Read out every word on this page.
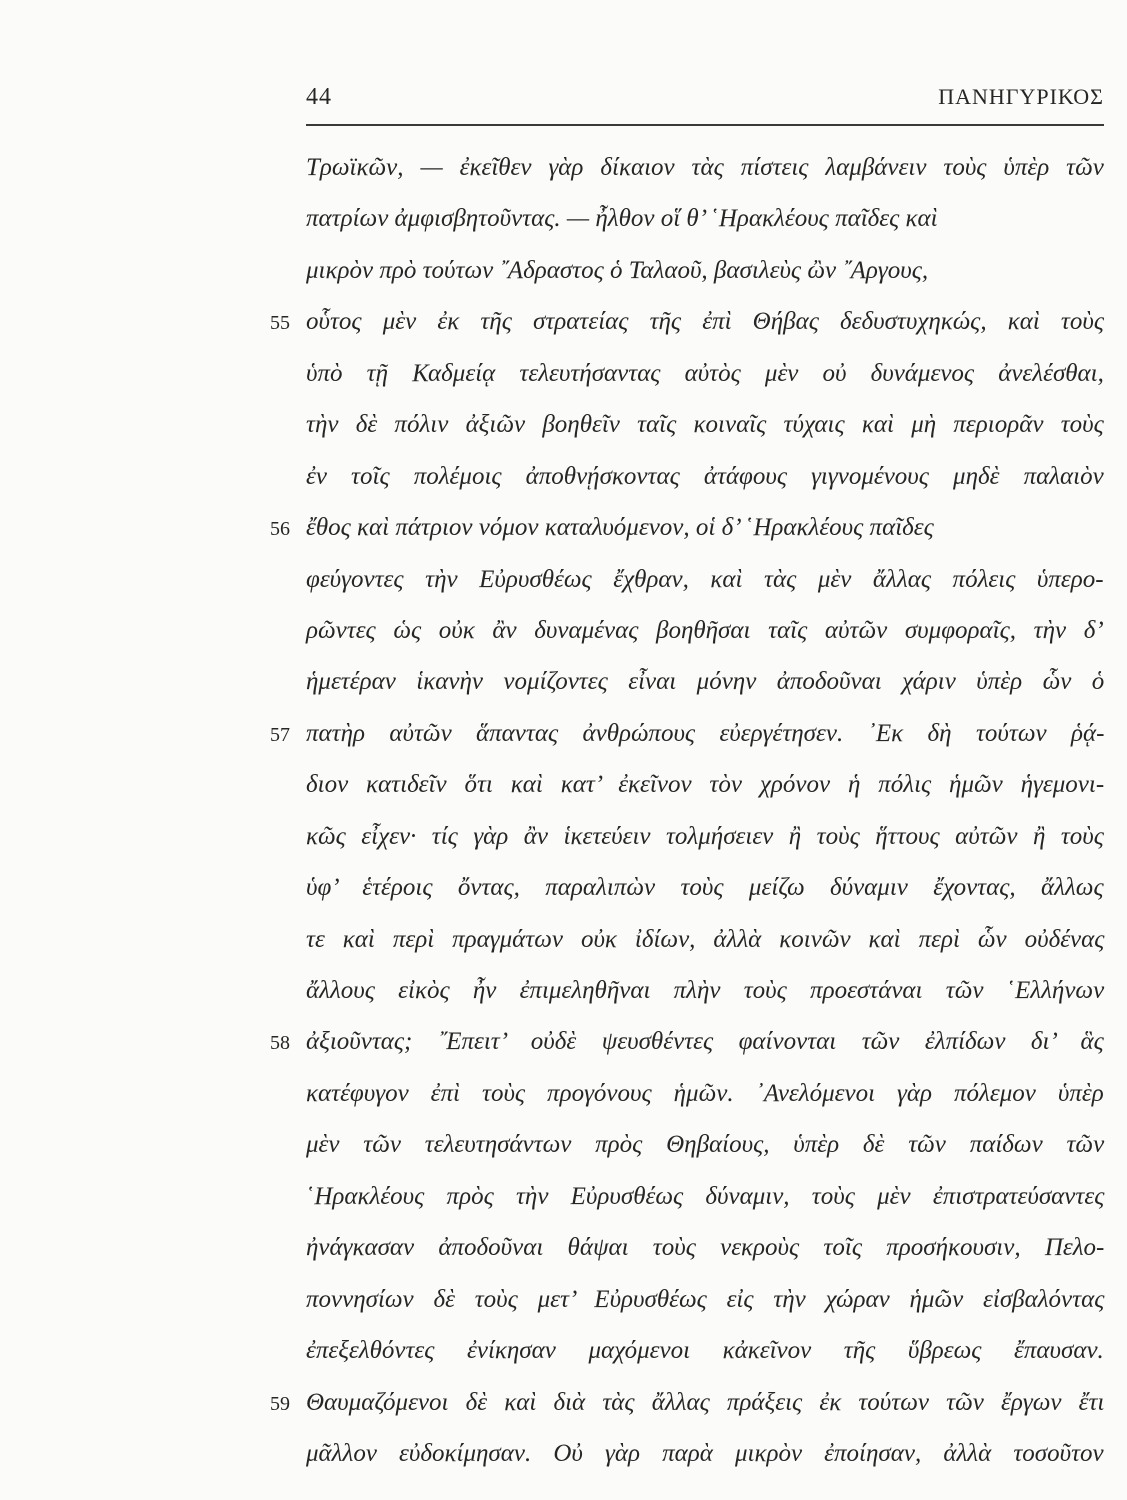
44	ΠΑΝΗΓΥΡΙΚΟΣ
Τρωϊκῶν, — ἐκεῖθεν γὰρ δίκαιον τὰς πίστεις λαμβάνειν τοὺς ὑπὲρ τῶν
πατρίων ἀμφισβητοῦντας. — ἦλθον οἵ θ’ ῾Ηρακλέους παῖδες καὶ
μικρὸν πρὸ τούτων ῎Αδραστος ὁ Ταλαοῦ, βασιλεὺς ὢν ῎Αργους,
55 οὗτος μὲν ἐκ τῆς στρατείας τῆς ἐπὶ Θήβας δεδυστυχηκώς, καὶ τοὺς
ὑπὸ τῇ Καδμείᾳ τελευτήσαντας αὐτὸς μὲν οὐ δυνάμενος ἀνελέσθαι,
τὴν δὲ πόλιν ἀξιῶν βοηθεῖν ταῖς κοιναῖς τύχαις καὶ μὴ περιορᾶν τοὺς
ἐν τοῖς πολέμοις ἀποθνῄσκοντας ἀτάφους γιγνομένους μηδὲ παλαιὸν
56 ἔθος καὶ πάτριον νόμον καταλυόμενον, οἱ δ’ ῾Ηρακλέους παῖδες
φεύγοντες τὴν Εὐρυσθέως ἔχθραν, καὶ τὰς μὲν ἄλλας πόλεις ὑπερο-
ρῶντες ὡς οὐκ ἂν δυναμένας βοηθῆσαι ταῖς αὐτῶν συμφοραῖς, τὴν δ’
ἡμετέραν ἱκανὴν νομίζοντες εἶναι μόνην ἀποδοῦναι χάριν ὑπὲρ ὧν ὁ
57 πατὴρ αὐτῶν ἅπαντας ἀνθρώπους εὐεργέτησεν. ᾿Εκ δὴ τούτων ῥᾴ-
διον κατιδεῖν ὅτι καὶ κατ’ ἐκεῖνον τὸν χρόνον ἡ πόλις ἡμῶν ἡγεμονι-
κῶς εἶχεν· τίς γὰρ ἂν ἱκετεύειν τολμήσειεν ἢ τοὺς ἥττους αὐτῶν ἢ τοὺς
ὑφ’ ἑτέροις ὄντας, παραλιπὼν τοὺς μείζω δύναμιν ἔχοντας, ἄλλως
τε καὶ περὶ πραγμάτων οὐκ ἰδίων, ἀλλὰ κοινῶν καὶ περὶ ὧν οὐδένας
ἄλλους εἰκὸς ἦν ἐπιμεληθῆναι πλὴν τοὺς προεστάναι τῶν ῾Ελλήνων
58 ἀξιοῦντας; ῎Επειτ’ οὐδὲ ψευσθέντες φαίνονται τῶν ἐλπίδων δι’ ἃς
κατέφυγον ἐπὶ τοὺς προγόνους ἡμῶν. ᾿Ανελόμενοι γὰρ πόλεμον ὑπὲρ
μὲν τῶν τελευτησάντων πρὸς Θηβαίους, ὑπὲρ δὲ τῶν παίδων τῶν
῾Ηρακλέους πρὸς τὴν Εὐρυσθέως δύναμιν, τοὺς μὲν ἐπιστρατεύσαντες
ἠνάγκασαν ἀποδοῦναι θάψαι τοὺς νεκροὺς τοῖς προσήκουσιν, Πελο-
ποννησίων δὲ τοὺς μετ’ Εὐρυσθέως εἰς τὴν χώραν ἡμῶν εἰσβαλόντας
ἐπεξελθόντες ἐνίκησαν μαχόμενοι κἀκεῖνον τῆς ὕβρεως ἔπαυσαν.
59 Θαυμαζόμενοι δὲ καὶ διὰ τὰς ἄλλας πράξεις ἐκ τούτων τῶν ἔργων ἔτι
μᾶλλον εὐδοκίμησαν. Οὐ γὰρ παρὰ μικρὸν ἐποίησαν, ἀλλὰ τοσοῦτον
